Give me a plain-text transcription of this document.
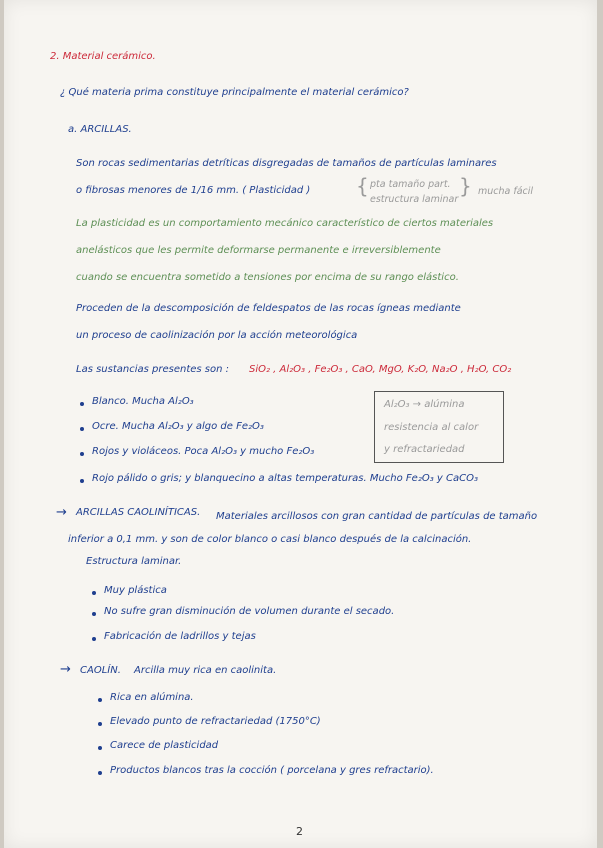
2. Material cerámico.
¿ Qué materia prima constituye principalmente el material cerámico?
a. ARCILLAS.
Son rocas sedimentarias detríticas disgregadas de tamaños de partículas laminares
o fibrosas menores de 1/16 mm. ( Plasticidad ) { pta tamaño part.
estructura laminar
} mucha fácil
La plasticidad es un comportamiento mecánico característico de ciertos materiales
anelásticos que les permite deformarse permanente e irreversiblemente
cuando se encuentra sometido a tensiones por encima de su rango elástico.
Proceden de la descomposición de feldespatos de las rocas ígneas mediante
un proceso de caolinización por la acción meteorológica
Las sustancias presentes son : SiO₂ , Al₂O₃ , Fe₂O₃ , CaO, MgO, K₂O, Na₂O , H₂O, CO₂
Blanco. Mucha Al₂O₃
Ocre. Mucha Al₂O₃ y algo de Fe₂O₃
Rojos y violáceos. Poca Al₂O₃ y mucho Fe₂O₃
Rojo pálido o gris; y blanquecino a altas temperaturas. Mucho Fe₂O₃ y CaCO₃
Al₂O₃ → alúmina
resistencia al calor
y refractariedad
→ ARCILLAS CAOLINÍTICAS. Materiales arcillosos con gran cantidad de partículas de tamaño
inferior a 0,1 mm. y son de color blanco o casi blanco después de la calcinación.
Estructura laminar.
Muy plástica
No sufre gran disminución de volumen durante el secado.
Fabricación de ladrillos y tejas
→ CAOLÍN. Arcilla muy rica en caolinita.
Rica en alúmina.
Elevado punto de refractariedad (1750°C)
Carece de plasticidad
Productos blancos tras la cocción ( porcelana y gres refractario).
2
